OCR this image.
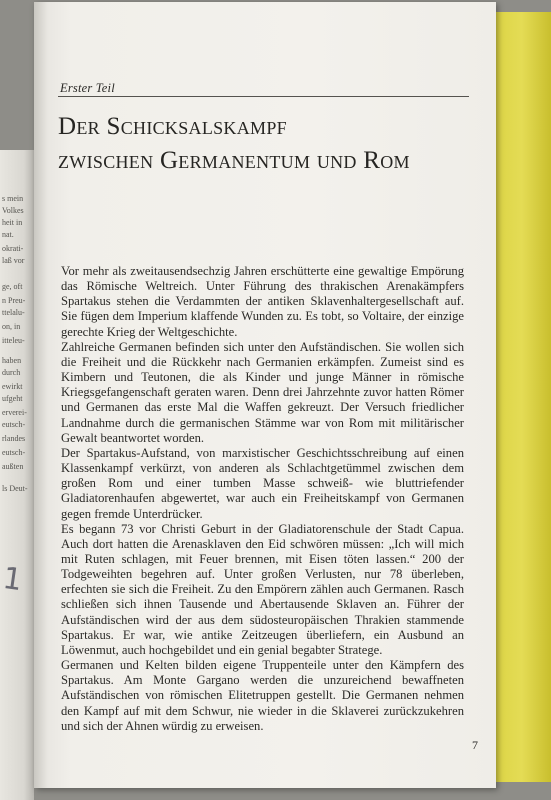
s mein
Volkes
heit in
nat.
okrati-
laß vor
ge, oft
n Preu-
ttelalu-
on, in
itteleu-
haben
durch
ewirkt
ufgeht
erverei-
eutsch-
rlandes
eutsch-
außten
ls Deut-
1
Erster Teil
Der Schicksalskampf
zwischen Germanentum und Rom

Vor mehr als zweitausendsechzig Jahren erschütterte eine gewaltige Empörung das Römische Weltreich. Unter Führung des thrakischen Arenakämpfers Spartakus stehen die Verdammten der antiken Sklavenhaltergesellschaft auf. Sie fügen dem Imperium klaffende Wunden zu. Es tobt, so Voltaire, der einzige gerechte Krieg der Weltgeschichte.

Zahlreiche Germanen befinden sich unter den Aufständischen. Sie wollen sich die Freiheit und die Rückkehr nach Germanien erkämpfen. Zumeist sind es Kimbern und Teutonen, die als Kinder und junge Männer in römische Kriegsgefangenschaft geraten waren. Denn drei Jahrzehnte zuvor hatten Römer und Germanen das erste Mal die Waffen gekreuzt. Der Versuch friedlicher Landnahme durch die germanischen Stämme war von Rom mit militärischer Gewalt beantwortet worden.

Der Spartakus-Aufstand, von marxistischer Geschichtsschreibung auf einen Klassenkampf verkürzt, von anderen als Schlachtgetümmel zwischen dem großen Rom und einer tumben Masse schweiß- wie bluttriefender Gladiatorenhaufen abgewertet, war auch ein Freiheitskampf von Germanen gegen fremde Unterdrücker.

Es begann 73 vor Christi Geburt in der Gladiatorenschule der Stadt Capua. Auch dort hatten die Arenasklaven den Eid schwören müssen: „Ich will mich mit Ruten schlagen, mit Feuer brennen, mit Eisen töten lassen.“ 200 der Todgeweihten begehren auf. Unter großen Verlusten, nur 78 überleben, erfechten sie sich die Freiheit. Zu den Empörern zählen auch Germanen. Rasch schließen sich ihnen Tausende und Abertausende Sklaven an. Führer der Aufständischen wird der aus dem südosteuropäischen Thrakien stammende Spartakus. Er war, wie antike Zeitzeugen überliefern, ein Ausbund an Löwenmut, auch hochgebildet und ein genial begabter Stratege.

Germanen und Kelten bilden eigene Truppenteile unter den Kämpfern des Spartakus. Am Monte Gargano werden die unzureichend bewaffneten Aufständischen von römischen Elitetruppen gestellt. Die Germanen nehmen den Kampf auf mit dem Schwur, nie wieder in die Sklaverei zurückzukehren und sich der Ahnen würdig zu erweisen.

7
